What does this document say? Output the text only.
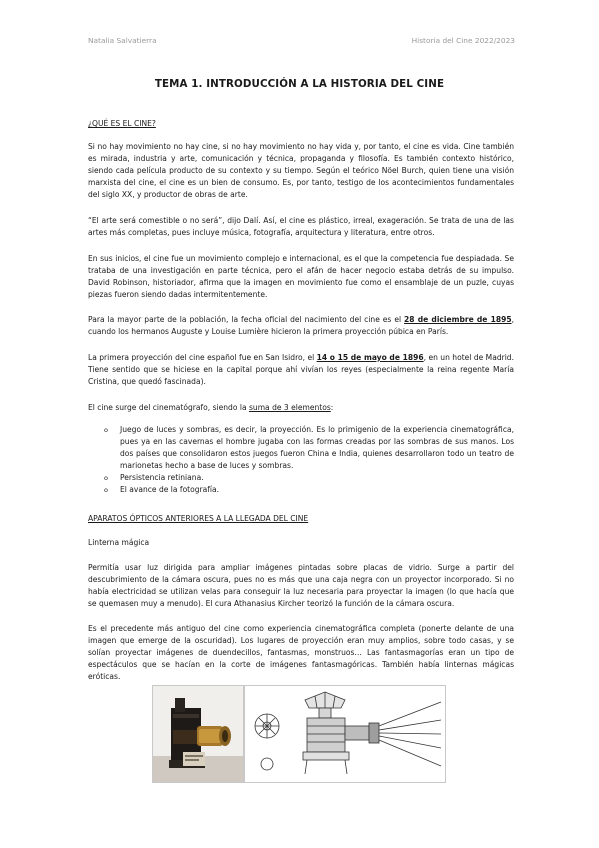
Natalia Salvatierra	Historia del Cine 2022/2023
TEMA 1. INTRODUCCIÓN A LA HISTORIA DEL CINE
¿QUÉ ES EL CINE?

Si no hay movimiento no hay cine, si no hay movimiento no hay vida y, por tanto, el cine es vida. Cine también es mirada, industria y arte, comunicación y técnica, propaganda y filosofía. Es también contexto histórico, siendo cada película producto de su contexto y su tiempo. Según el teórico Nöel Burch, quien tiene una visión marxista del cine, el cine es un bien de consumo. Es, por tanto, testigo de los acontecimientos fundamentales del siglo XX, y productor de obras de arte.

“El arte será comestible o no será”, dijo Dalí. Así, el cine es plástico, irreal, exageración. Se trata de una de las artes más completas, pues incluye música, fotografía, arquitectura y literatura, entre otros.

En sus inicios, el cine fue un movimiento complejo e internacional, es el que la competencia fue despiadada. Se trataba de una investigación en parte técnica, pero el afán de hacer negocio estaba detrás de su impulso. David Robinson, historiador, afirma que la imagen en movimiento fue como el ensamblaje de un puzle, cuyas piezas fueron siendo dadas intermitentemente.

Para la mayor parte de la población, la fecha oficial del nacimiento del cine es el 28 de diciembre de 1895, cuando los hermanos Auguste y Louise Lumière hicieron la primera proyección púbica en París.

La primera proyección del cine español fue en San Isidro, el 14 o 15 de mayo de 1896, en un hotel de Madrid. Tiene sentido que se hiciese en la capital porque ahí vivían los reyes (especialmente la reina regente María Cristina, que quedó fascinada).

El cine surge del cinematógrafo, siendo la suma de 3 elementos:

o Juego de luces y sombras, es decir, la proyección. Es lo primigenio de la experiencia cinematográfica, pues ya en las cavernas el hombre jugaba con las formas creadas por las sombras de sus manos. Los dos países que consolidaron estos juegos fueron China e India, quienes desarrollaron todo un teatro de marionetas hecho a base de luces y sombras.
o Persistencia retiniana.
o El avance de la fotografía.
APARATOS ÓPTICOS ANTERIORES A LA LLEGADA DEL CINE
Linterna mágica

Permitía usar luz dirigida para ampliar imágenes pintadas sobre placas de vidrio. Surge a partir del descubrimiento de la cámara oscura, pues no es más que una caja negra con un proyector incorporado. Si no había electricidad se utilizan velas para conseguir la luz necesaria para proyectar la imagen (lo que hacía que se quemasen muy a menudo). El cura Athanasius Kircher teorizó la función de la cámara oscura.

Es el precedente más antiguo del cine como experiencia cinematográfica completa (ponerte delante de una imagen que emerge de la oscuridad). Los lugares de proyección eran muy amplios, sobre todo casas, y se solían proyectar imágenes de duendecillos, fantasmas, monstruos… Las fantasmagorías eran un tipo de espectáculos que se hacían en la corte de imágenes fantasmagóricas. También había linternas mágicas eróticas.
